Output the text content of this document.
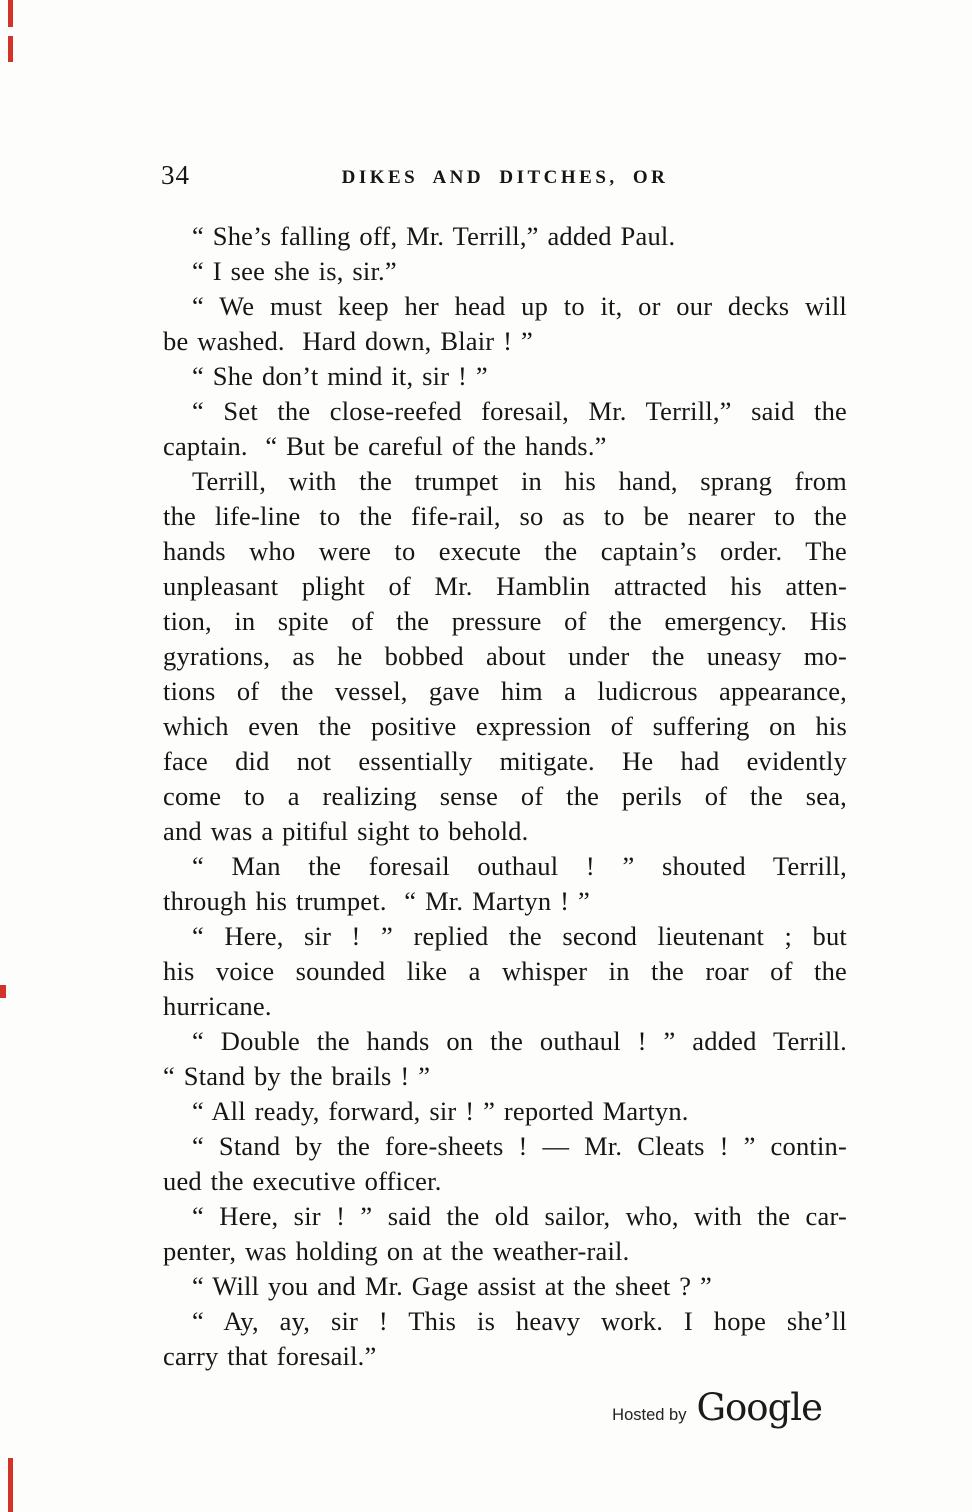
34	DIKES AND DITCHES, OR
“ She’s falling off, Mr. Terrill,” added Paul.
“ I see she is, sir.”
“ We must keep her head up to it, or our decks will
be washed.  Hard down, Blair ! ”
“ She don’t mind it, sir ! ”
“ Set the close-reefed foresail, Mr. Terrill,” said the
captain.  “ But be careful of the hands.”
Terrill, with the trumpet in his hand, sprang from
the life-line to the fife-rail, so as to be nearer to the
hands who were to execute the captain’s order. The
unpleasant plight of Mr. Hamblin attracted his atten-
tion, in spite of the pressure of the emergency. His
gyrations, as he bobbed about under the uneasy mo-
tions of the vessel, gave him a ludicrous appearance,
which even the positive expression of suffering on his
face did not essentially mitigate. He had evidently
come to a realizing sense of the perils of the sea,
and was a pitiful sight to behold.
“ Man the foresail outhaul ! ” shouted Terrill,
through his trumpet.  “ Mr. Martyn ! ”
“ Here, sir ! ” replied the second lieutenant ; but
his voice sounded like a whisper in the roar of the
hurricane.
“ Double the hands on the outhaul ! ” added Terrill.
“ Stand by the brails ! ”
“ All ready, forward, sir ! ” reported Martyn.
“ Stand by the fore-sheets ! — Mr. Cleats ! ” contin-
ued the executive officer.
“ Here, sir ! ” said the old sailor, who, with the car-
penter, was holding on at the weather-rail.
“ Will you and Mr. Gage assist at the sheet ? ”
“ Ay, ay, sir ! This is heavy work. I hope she’ll
carry that foresail.”
Hosted by Google
